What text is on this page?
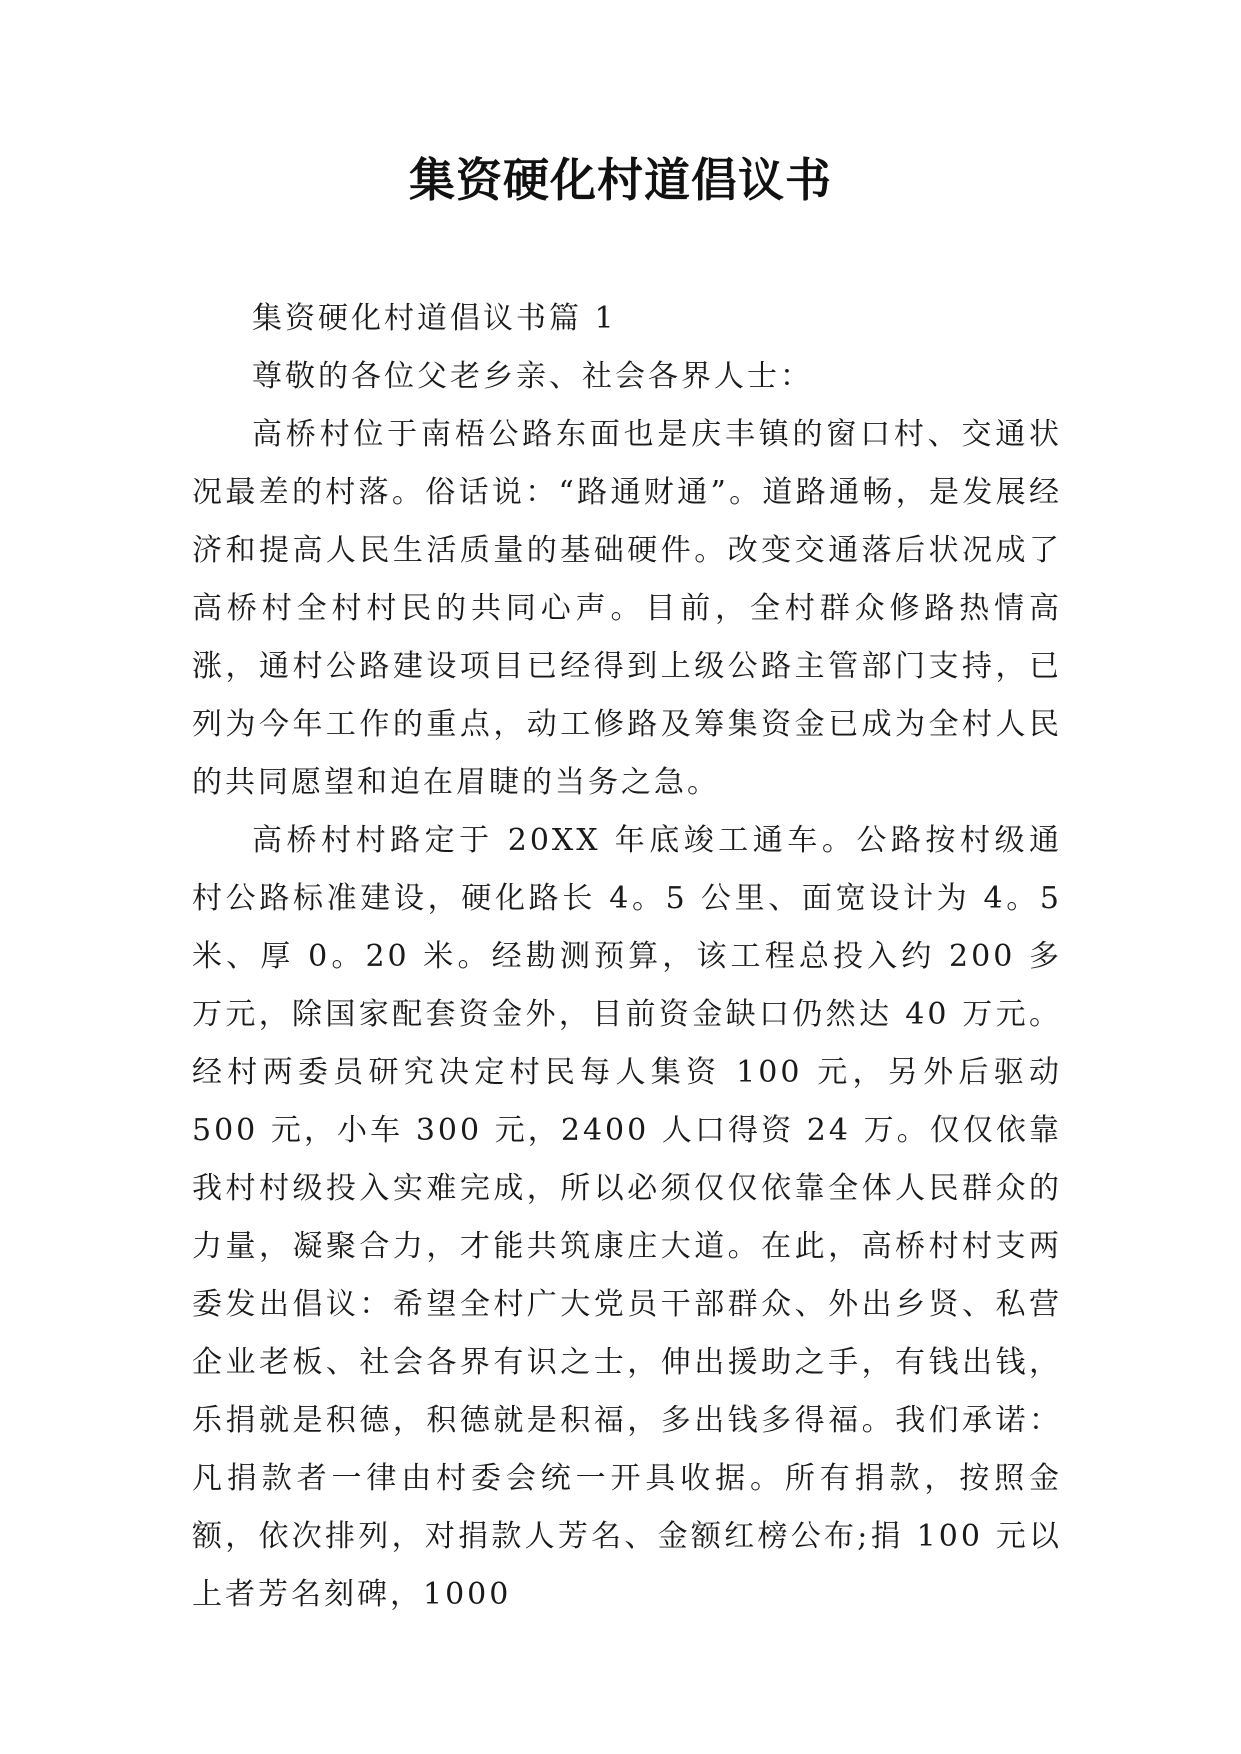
集资硬化村道倡议书

集资硬化村道倡议书篇 1

尊敬的各位父老乡亲、社会各界人士：

高桥村位于南梧公路东面也是庆丰镇的窗口村、交通状况最差的村落。俗话说：“路通财通”。道路通畅，是发展经济和提高人民生活质量的基础硬件。改变交通落后状况成了高桥村全村村民的共同心声。目前，全村群众修路热情高涨，通村公路建设项目已经得到上级公路主管部门支持，已列为今年工作的重点，动工修路及筹集资金已成为全村人民的共同愿望和迫在眉睫的当务之急。

高桥村村路定于 20XX 年底竣工通车。公路按村级通村公路标准建设，硬化路长 4。5 公里、面宽设计为 4。5 米、厚 0。20 米。经勘测预算，该工程总投入约 200 多万元，除国家配套资金外，目前资金缺口仍然达 40 万元。经村两委员研究决定村民每人集资 100 元，另外后驱动 500 元，小车 300 元，2400 人口得资 24 万。仅仅依靠我村村级投入实难完成，所以必须仅仅依靠全体人民群众的力量，凝聚合力，才能共筑康庄大道。在此，高桥村村支两委发出倡议：希望全村广大党员干部群众、外出乡贤、私营企业老板、社会各界有识之士，伸出援助之手，有钱出钱，乐捐就是积德，积德就是积福，多出钱多得福。我们承诺：凡捐款者一律由村委会统一开具收据。所有捐款，按照金额，依次排列，对捐款人芳名、金额红榜公布;捐 100 元以上者芳名刻碑，1000
